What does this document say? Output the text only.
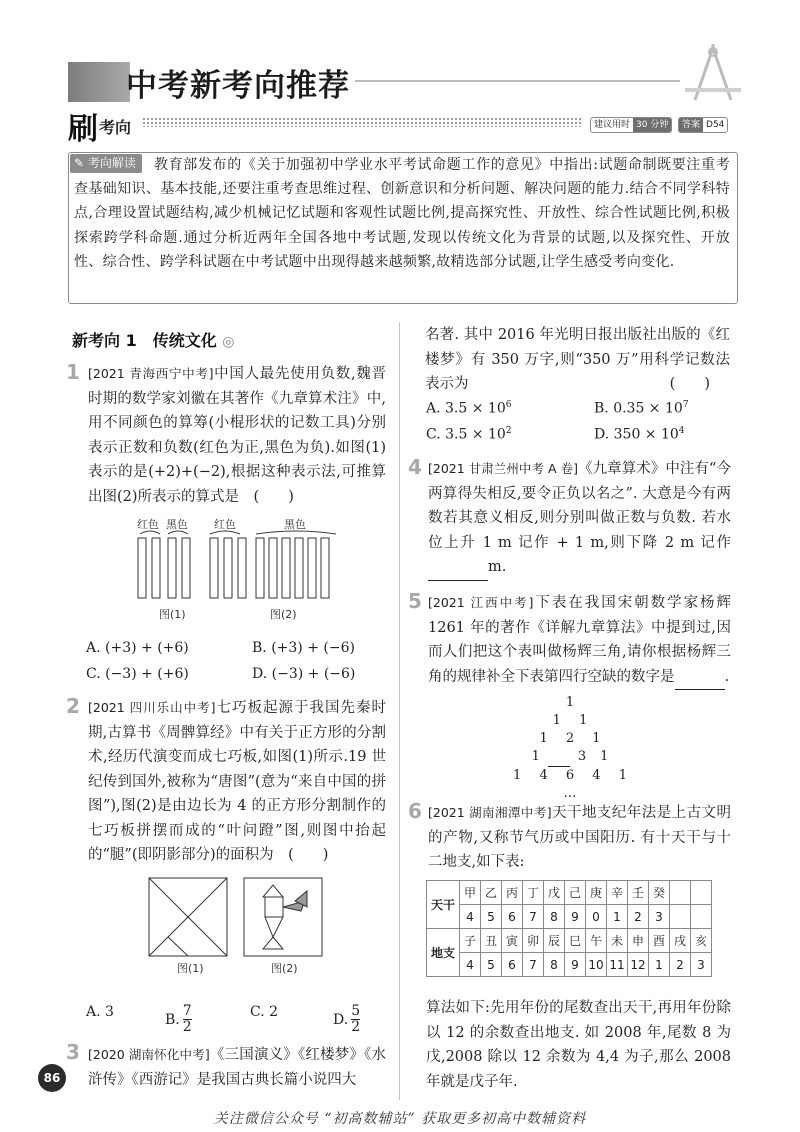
中考新考向推荐
刷 考向	建议用时 30 分钟	答案 D54
教育部发布的《关于加强初中学业水平考试命题工作的意见》中指出:试题命制既要注重考查基础知识、基本技能,还要注重考查思维过程、创新意识和分析问题、解决问题的能力.结合不同学科特点,合理设置试题结构,减少机械记忆试题和客观性试题比例,提高探究性、开放性、综合性试题比例,积极探索跨学科命题.通过分析近两年全国各地中考试题,发现以传统文化为背景的试题,以及探究性、开放性、综合性、跨学科试题在中考试题中出现得越来越频繁,故精选部分试题,让学生感受考向变化.
✎ 考向解读
新考向 1　传统文化 ◎
1 [2021 青海西宁中考]中国人最先使用负数,魏晋时期的数学家刘徽在其著作《九章算术注》中,用不同颜色的算筹(小棍形状的记数工具)分别表示正数和负数(红色为正,黑色为负).如图(1)表示的是(+2)+(−2),根据这种表示法,可推算出图(2)所表示的算式是　(　　)
红色 黑色 红色	黑色
图(1)	图(2)
A. (+3) + (+6)	B. (+3) + (−6)
C. (−3) + (+6)	D. (−3) + (−6)
2 [2021 四川乐山中考]七巧板起源于我国先秦时期,古算书《周髀算经》中有关于正方形的分割术,经历代演变而成七巧板,如图(1)所示.19 世纪传到国外,被称为“唐图”(意为“来自中国的拼图”),图(2)是由边长为 4 的正方形分割制作的七巧板拼摆而成的“叶问蹬”图,则图中抬起的“腿”(即阴影部分)的面积为　(　　)
图(1)	图(2)
A. 3	B. $\frac{7}{2}$	C. 2	D. $\frac{5}{2}$
3 [2020 湖南怀化中考]《三国演义》《红楼梦》《水浒传》《西游记》是我国古典长篇小说四大
86
名著. 其中 2016 年光明日报出版社出版的《红楼梦》有 350 万字,则“350 万”用科学记数法表示为	(　　)
A. $3.5 \times 10^6$	B. $0.35 \times 10^7$
C. $3.5 \times 10^2$	D. $350 \times 10^4$
4 [2021 甘肃兰州中考 A 卷]《九章算术》中注有“今两算得失相反,要令正负以名之”. 大意是今有两数若其意义相反,则分别叫做正数与负数. 若水位上升 1 m 记作 + 1 m,则下降 2 m 记作 m.
5 [2021 江西中考]下表在我国宋朝数学家杨辉 1261 年的著作《详解九章算法》中提到过,因而人们把这个表叫做杨辉三角,请你根据杨辉三角的规律补全下表第四行空缺的数字是	.
1
1 1
1 2 1
1	3 1
1 4 6 4 1
…
6 [2021 湖南湘潭中考]天干地支纪年法是上古文明的产物,又称节气历或中国阳历. 有十天干与十二地支,如下表:
天干	甲	乙	丙	丁	戊	己	庚	辛	壬	癸		
	4	5	6	7	8	9	0	1	2	3		
地支	子	丑	寅	卯	辰	巳	午	未	申	酉	戌	亥
	4	5	6	7	8	9	10	11	12	1	2	3
算法如下:先用年份的尾数查出天干,再用年份除以 12 的余数查出地支. 如 2008 年,尾数 8 为戊,2008 除以 12 余数为 4,4 为子,那么 2008 年就是戊子年.
关注微信公众号 “初高数辅站” 获取更多初高中数辅资料
